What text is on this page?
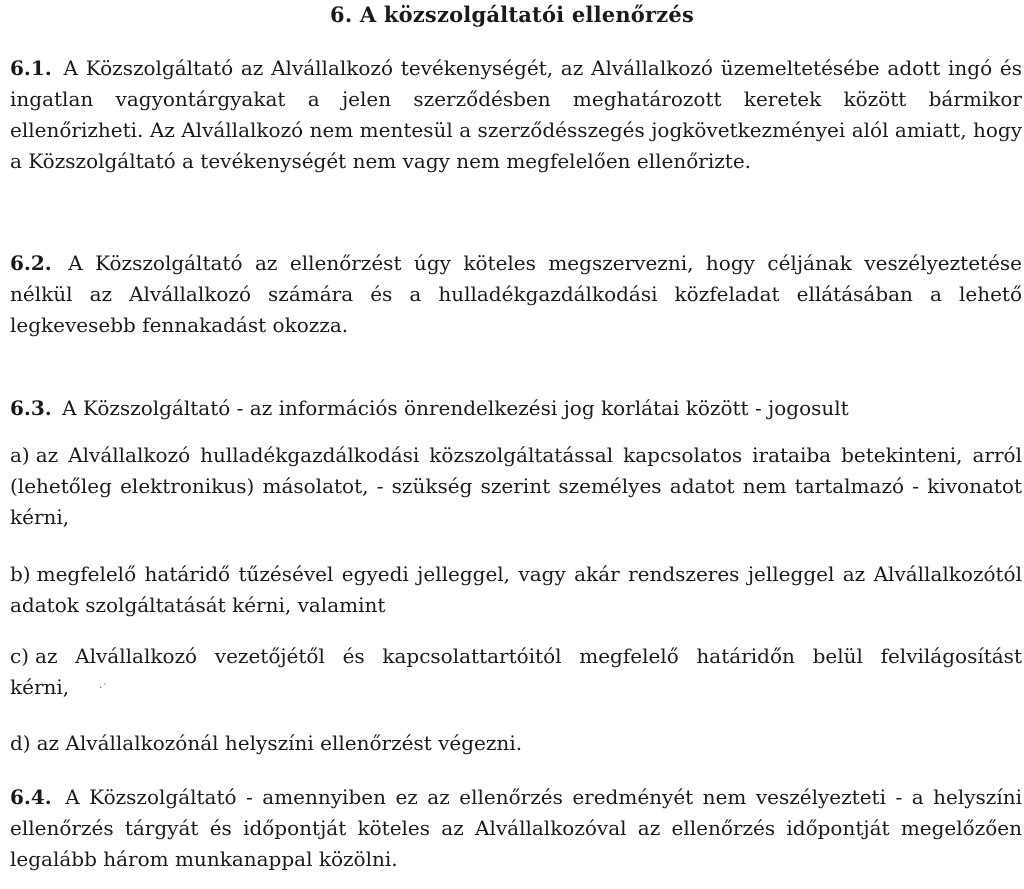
6. A közszolgáltatói ellenőrzés

6.1. A Közszolgáltató az Alvállalkozó tevékenységét, az Alvállalkozó üzemeltetésébe adott ingó és ingatlan vagyontárgyakat a jelen szerződésben meghatározott keretek között bármikor ellenőrizheti. Az Alvállalkozó nem mentesül a szerződésszegés jogkövetkezményei alól amiatt, hogy a Közszolgáltató a tevékenységét nem vagy nem megfelelően ellenőrizte.

6.2. A Közszolgáltató az ellenőrzést úgy köteles megszervezni, hogy céljának veszélyeztetése nélkül az Alvállalkozó számára és a hulladékgazdálkodási közfeladat ellátásában a lehető legkevesebb fennakadást okozza.

6.3. A Közszolgáltató - az információs önrendelkezési jog korlátai között - jogosult

a) az Alvállalkozó hulladékgazdálkodási közszolgáltatással kapcsolatos irataiba betekinteni, arról (lehetőleg elektronikus) másolatot, - szükség szerint személyes adatot nem tartalmazó - kivonatot kérni,

b) megfelelő határidő tűzésével egyedi jelleggel, vagy akár rendszeres jelleggel az Alvállalkozótól adatok szolgáltatását kérni, valamint

c) az Alvállalkozó vezetőjétől és kapcsolattartóitól megfelelő határidőn belül felvilágosítást kérni,	·˙

d) az Alvállalkozónál helyszíni ellenőrzést végezni.

6.4. A Közszolgáltató - amennyiben ez az ellenőrzés eredményét nem veszélyezteti - a helyszíni ellenőrzés tárgyát és időpontját köteles az Alvállalkozóval az ellenőrzés időpontját megelőzően legalább három munkanappal közölni.
